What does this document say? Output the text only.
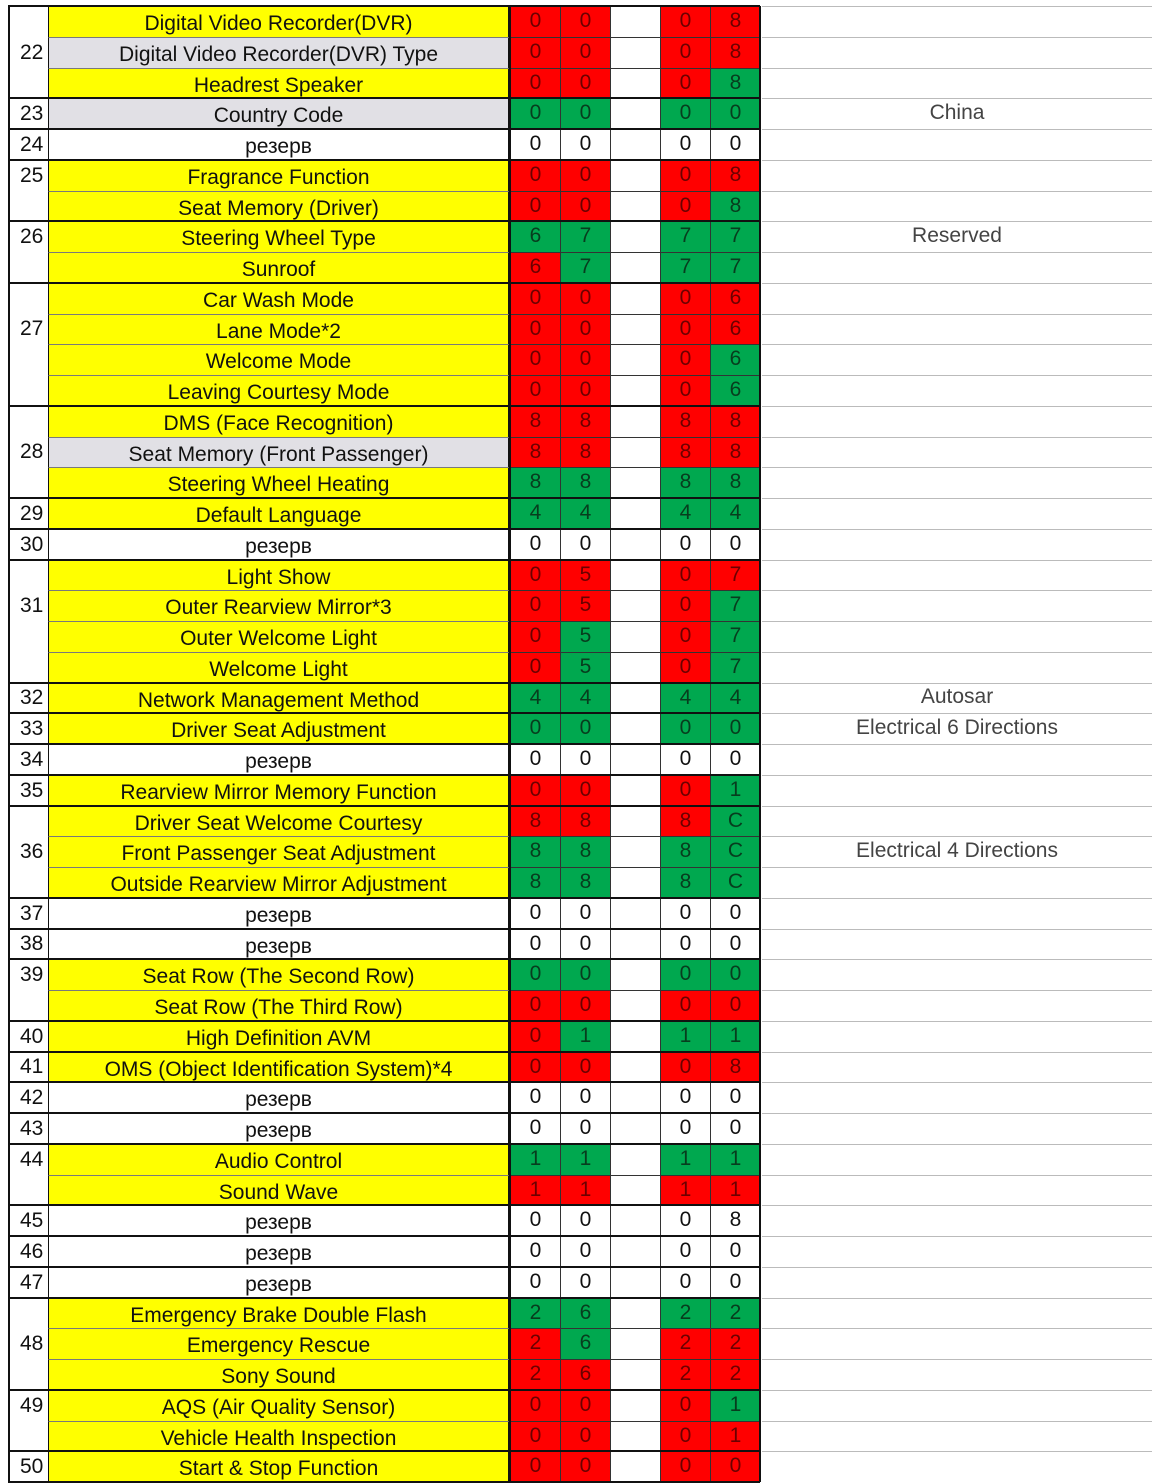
Digital Video Recorder(DVR)	0	0	0	8
22	Digital Video Recorder(DVR) Type	0	0	0	8
Headrest Speaker	0	0	0	8
23	Country Code	0	0	0	0	China
24	резерв	0	0	0	0
25	Fragrance Function	0	0	0	8
Seat Memory (Driver)	0	0	0	8
26	Steering Wheel Type	6	7	7	7	Reserved
Sunroof	6	7	7	7
Car Wash Mode	0	0	0	6
27	Lane Mode*2	0	0	0	6
Welcome Mode	0	0	0	6
Leaving Courtesy Mode	0	0	0	6
DMS (Face Recognition)	8	8	8	8
28	Seat Memory (Front Passenger)	8	8	8	8
Steering Wheel Heating	8	8	8	8
29	Default Language	4	4	4	4
30	резерв	0	0	0	0
Light Show	0	5	0	7
31	Outer Rearview Mirror*3	0	5	0	7
Outer Welcome Light	0	5	0	7
Welcome Light	0	5	0	7
32	Network Management Method	4	4	4	4	Autosar
33	Driver Seat Adjustment	0	0	0	0	Electrical 6 Directions
34	резерв	0	0	0	0
35	Rearview Mirror Memory Function	0	0	0	1
Driver Seat Welcome Courtesy	8	8	8	C
36	Front Passenger Seat Adjustment	8	8	8	C	Electrical 4 Directions
Outside Rearview Mirror Adjustment	8	8	8	C
37	резерв	0	0	0	0
38	резерв	0	0	0	0
39	Seat Row (The Second Row)	0	0	0	0
Seat Row (The Third Row)	0	0	0	0
40	High Definition AVM	0	1	1	1
41	OMS (Object Identification System)*4	0	0	0	8
42	резерв	0	0	0	0
43	резерв	0	0	0	0
44	Audio Control	1	1	1	1
Sound Wave	1	1	1	1
45	резерв	0	0	0	8
46	резерв	0	0	0	0
47	резерв	0	0	0	0
Emergency Brake Double Flash	2	6	2	2
48	Emergency Rescue	2	6	2	2
Sony Sound	2	6	2	2
49	AQS (Air Quality Sensor)	0	0	0	1
Vehicle Health Inspection	0	0	0	1
50	Start & Stop Function	0	0	0	0
